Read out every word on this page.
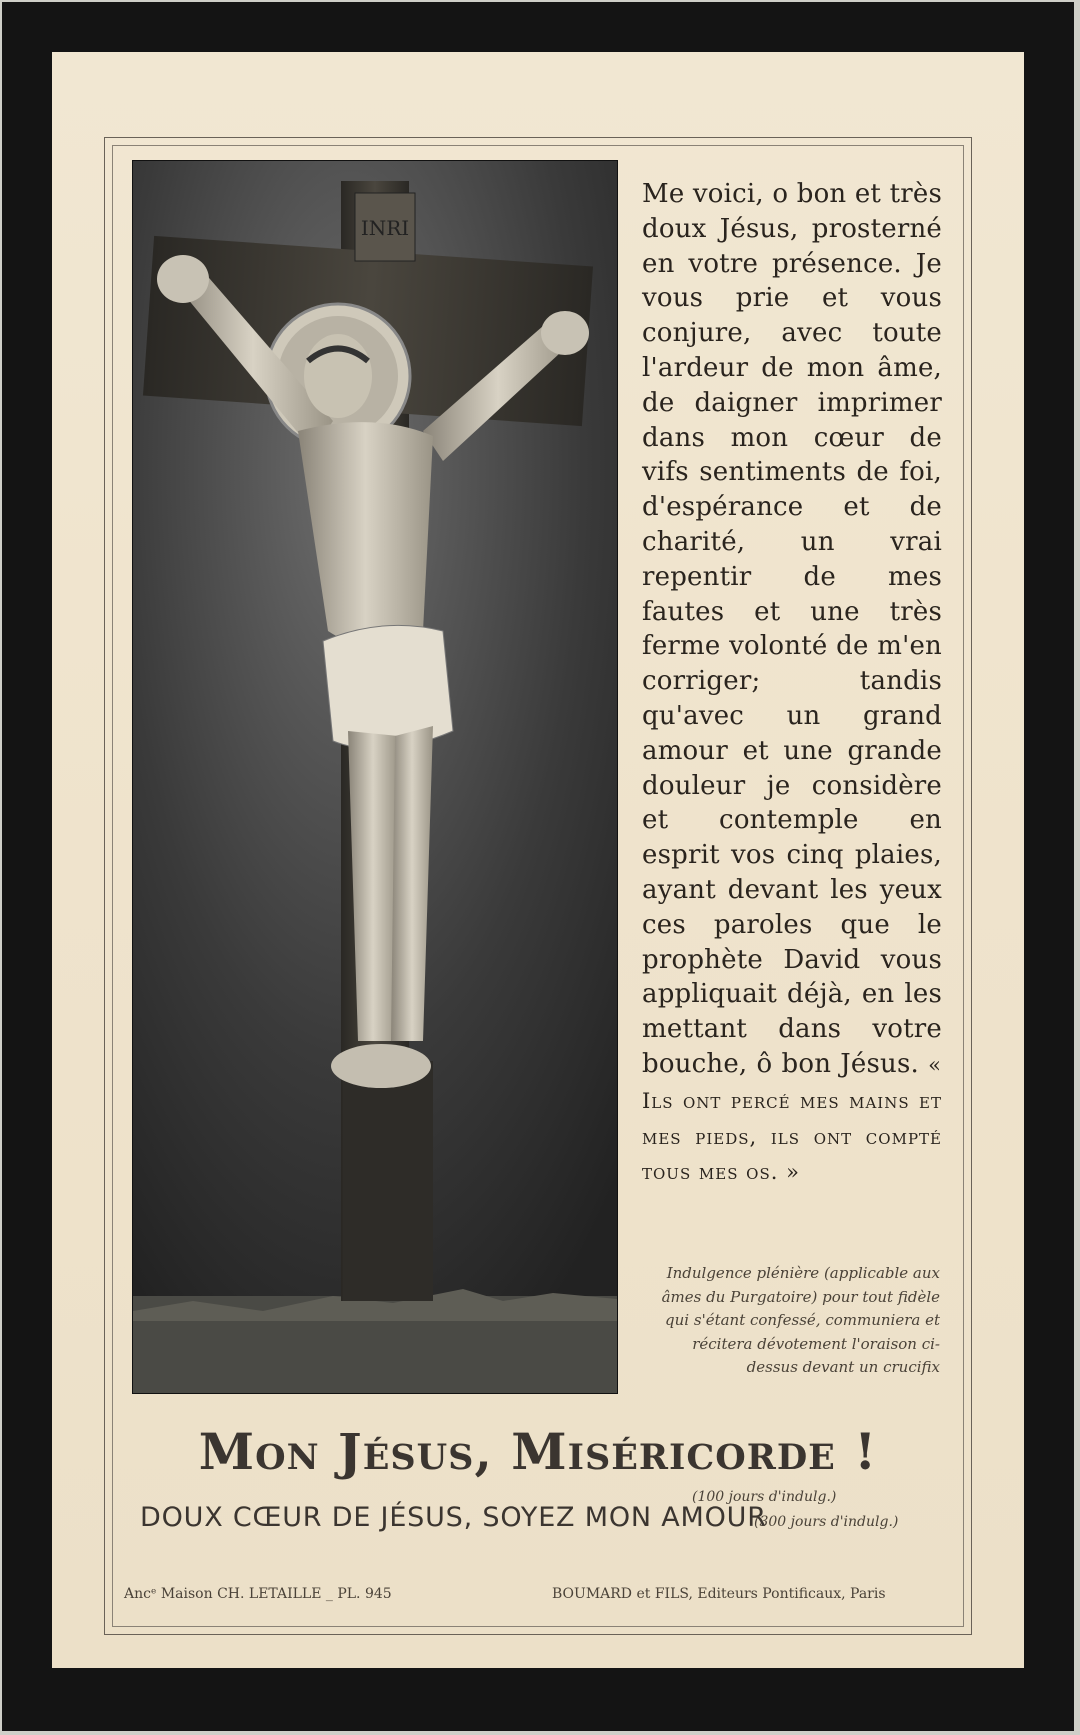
INRI
Me voici, o bon et très doux Jésus, prosterné en votre présence. Je vous prie et vous conjure, avec toute l'ardeur de mon âme, de daigner imprimer dans mon cœur de vifs sentiments de foi, d'espérance et de charité, un vrai repentir de mes fautes et une très ferme volonté de m'en corriger; tandis qu'avec un grand amour et une grande douleur je considère et contemple en esprit vos cinq plaies, ayant devant les yeux ces paroles que le prophète David vous appliquait déjà, en les mettant dans votre bouche, ô bon Jésus. « Ils ont percé mes mains et mes pieds, ils ont compté tous mes os. »
Indulgence plénière (applicable aux âmes du Purgatoire) pour tout fidèle qui s'étant confessé, communiera et récitera dévotement l'oraison ci-dessus devant un crucifix
Mon Jésus, Miséricorde !
(100 jours d'indulg.)
DOUX CŒUR DE JÉSUS, SOYEZ MON AMOUR
(300 jours d'indulg.)
Ancᵉ Maison CH. LETAILLE _ PL. 945	BOUMARD et FILS, Editeurs Pontificaux, Paris
